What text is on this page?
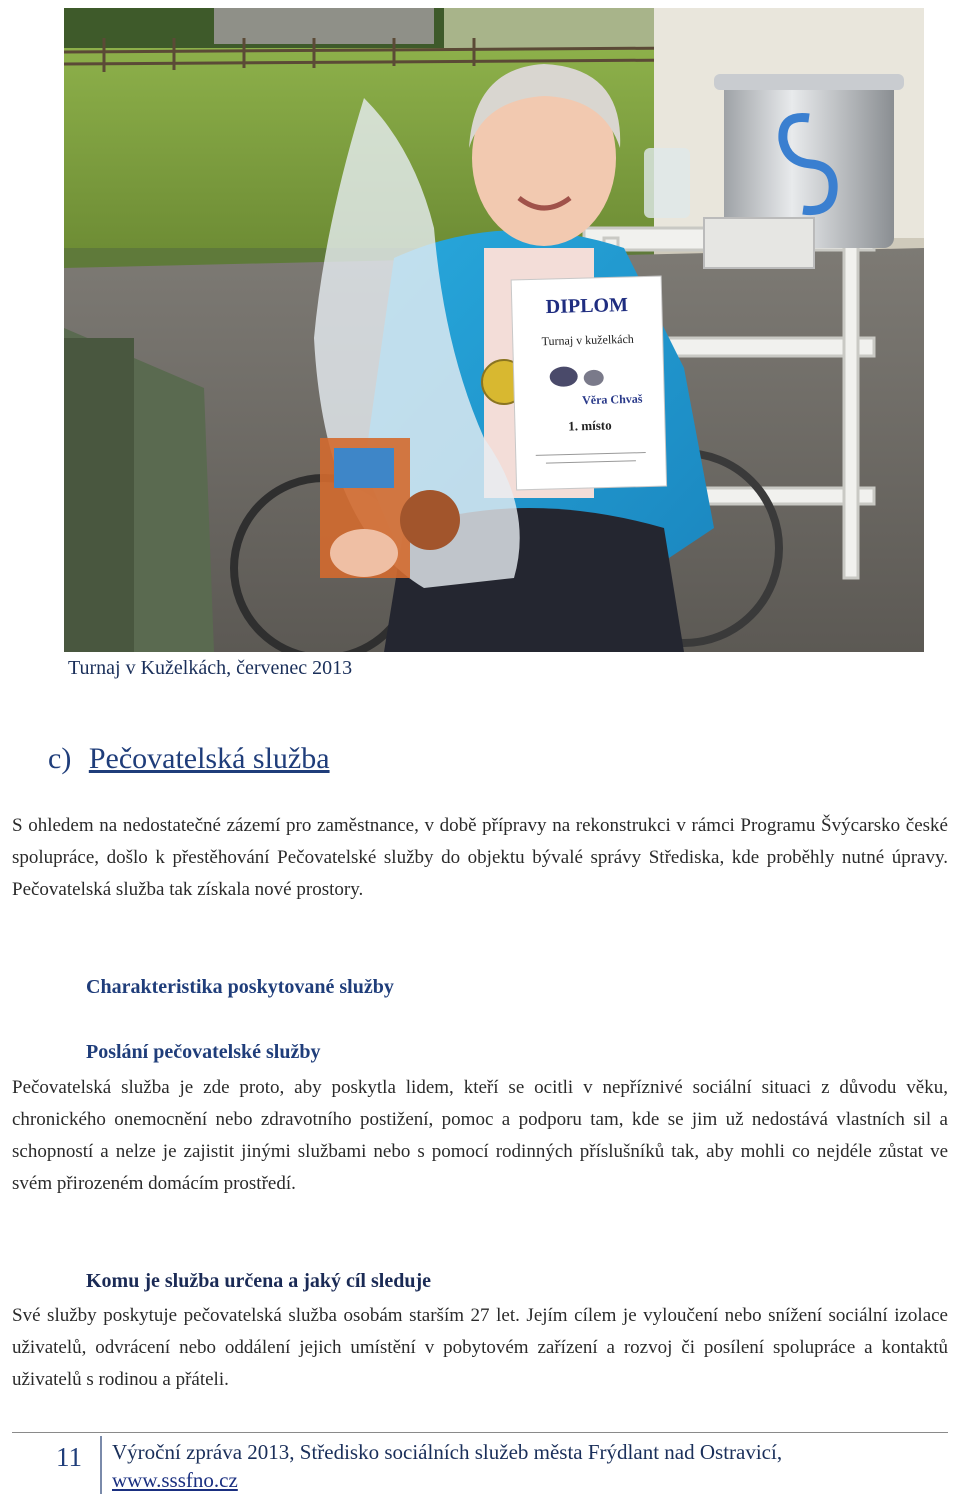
DIPLOM
Turnaj v kuželkách
Věra Chvaš
1. místo
Turnaj v Kuželkách, červenec 2013
c) Pečovatelská služba

S ohledem na nedostatečné zázemí pro zaměstnance, v době přípravy na rekonstrukci v rámci Programu Švýcarsko české spolupráce, došlo k přestěhování Pečovatelské služby do objektu bývalé správy Střediska, kde proběhly nutné úpravy. Pečovatelská služba tak získala nové prostory.

Charakteristika poskytované služby
Poslání pečovatelské služby

Pečovatelská služba je zde proto, aby poskytla lidem, kteří se ocitli v nepříznivé sociální situaci z důvodu věku, chronického onemocnění nebo zdravotního postižení, pomoc a podporu tam, kde se jim už nedostává vlastních sil a schopností a nelze je zajistit jinými službami nebo s pomocí rodinných příslušníků tak, aby mohli co nejdéle zůstat ve svém přirozeném domácím prostředí.

Komu je služba určena a jaký cíl sleduje

Své služby poskytuje pečovatelská služba osobám starším 27 let. Jejím cílem je vyloučení nebo snížení sociální izolace uživatelů, odvrácení nebo oddálení jejich umístění v pobytovém zařízení a rozvoj či posílení spolupráce a kontaktů uživatelů s rodinou a přáteli.

11 Výroční zpráva 2013, Středisko sociálních služeb města Frýdlant nad Ostravicí,
www.sssfno.cz
